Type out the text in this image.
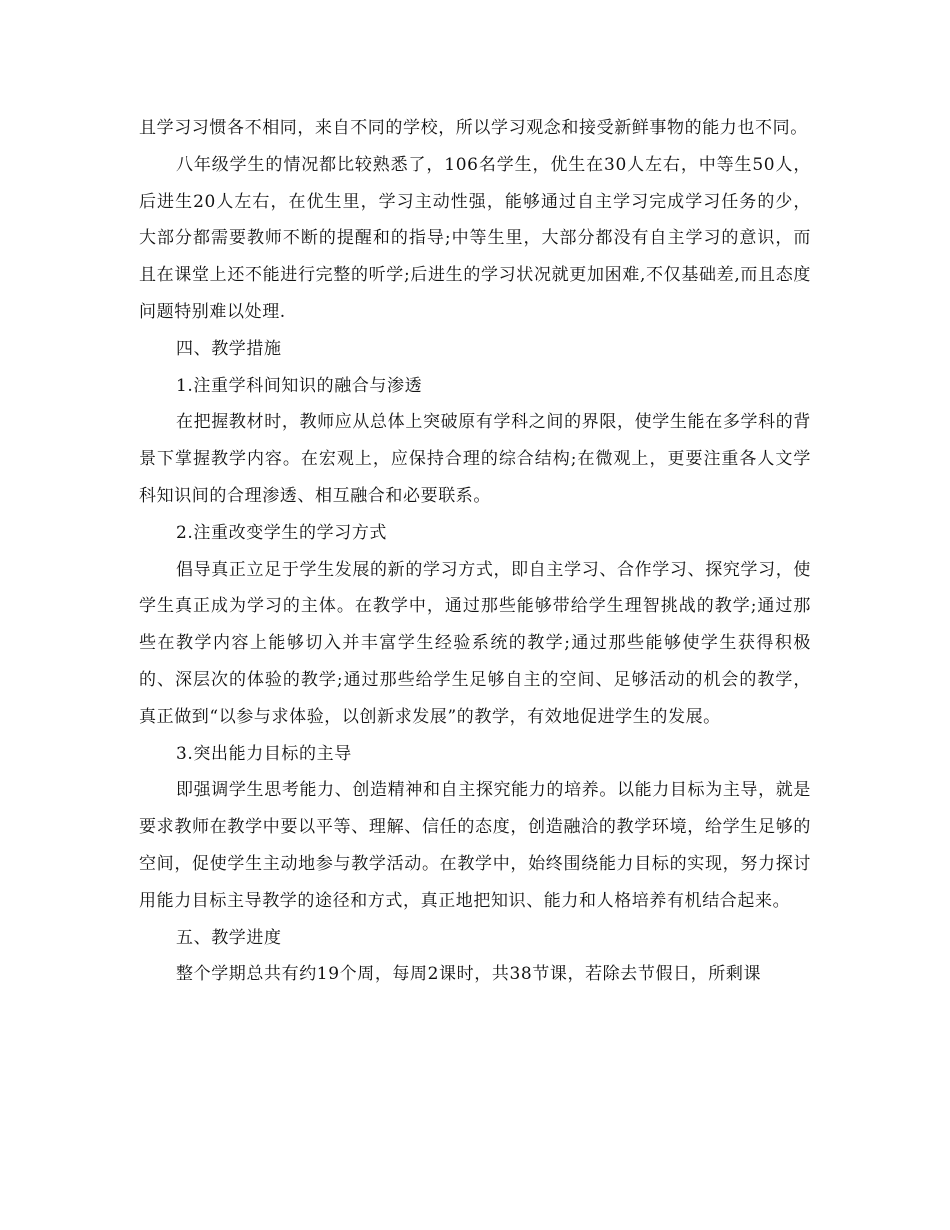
且学习习惯各不相同，来自不同的学校，所以学习观念和接受新鲜事物的能力也不同。

八年级学生的情况都比较熟悉了，106名学生，优生在30人左右，中等生50人，后进生20人左右，在优生里，学习主动性强，能够通过自主学习完成学习任务的少，大部分都需要教师不断的提醒和的指导;中等生里，大部分都没有自主学习的意识，而且在课堂上还不能进行完整的听学;后进生的学习状况就更加困难,不仅基础差,而且态度问题特别难以处理.

四、教学措施

1.注重学科间知识的融合与渗透

在把握教材时，教师应从总体上突破原有学科之间的界限，使学生能在多学科的背景下掌握教学内容。在宏观上，应保持合理的综合结构;在微观上，更要注重各人文学科知识间的合理渗透、相互融合和必要联系。

2.注重改变学生的学习方式

倡导真正立足于学生发展的新的学习方式，即自主学习、合作学习、探究学习，使学生真正成为学习的主体。在教学中，通过那些能够带给学生理智挑战的教学;通过那些在教学内容上能够切入并丰富学生经验系统的教学;通过那些能够使学生获得积极的、深层次的体验的教学;通过那些给学生足够自主的空间、足够活动的机会的教学，真正做到“以参与求体验，以创新求发展”的教学，有效地促进学生的发展。

3.突出能力目标的主导

即强调学生思考能力、创造精神和自主探究能力的培养。以能力目标为主导，就是要求教师在教学中要以平等、理解、信任的态度，创造融洽的教学环境，给学生足够的空间，促使学生主动地参与教学活动。在教学中，始终围绕能力目标的实现，努力探讨用能力目标主导教学的途径和方式，真正地把知识、能力和人格培养有机结合起来。

五、教学进度

整个学期总共有约19个周，每周2课时，共38节课，若除去节假日，所剩课
